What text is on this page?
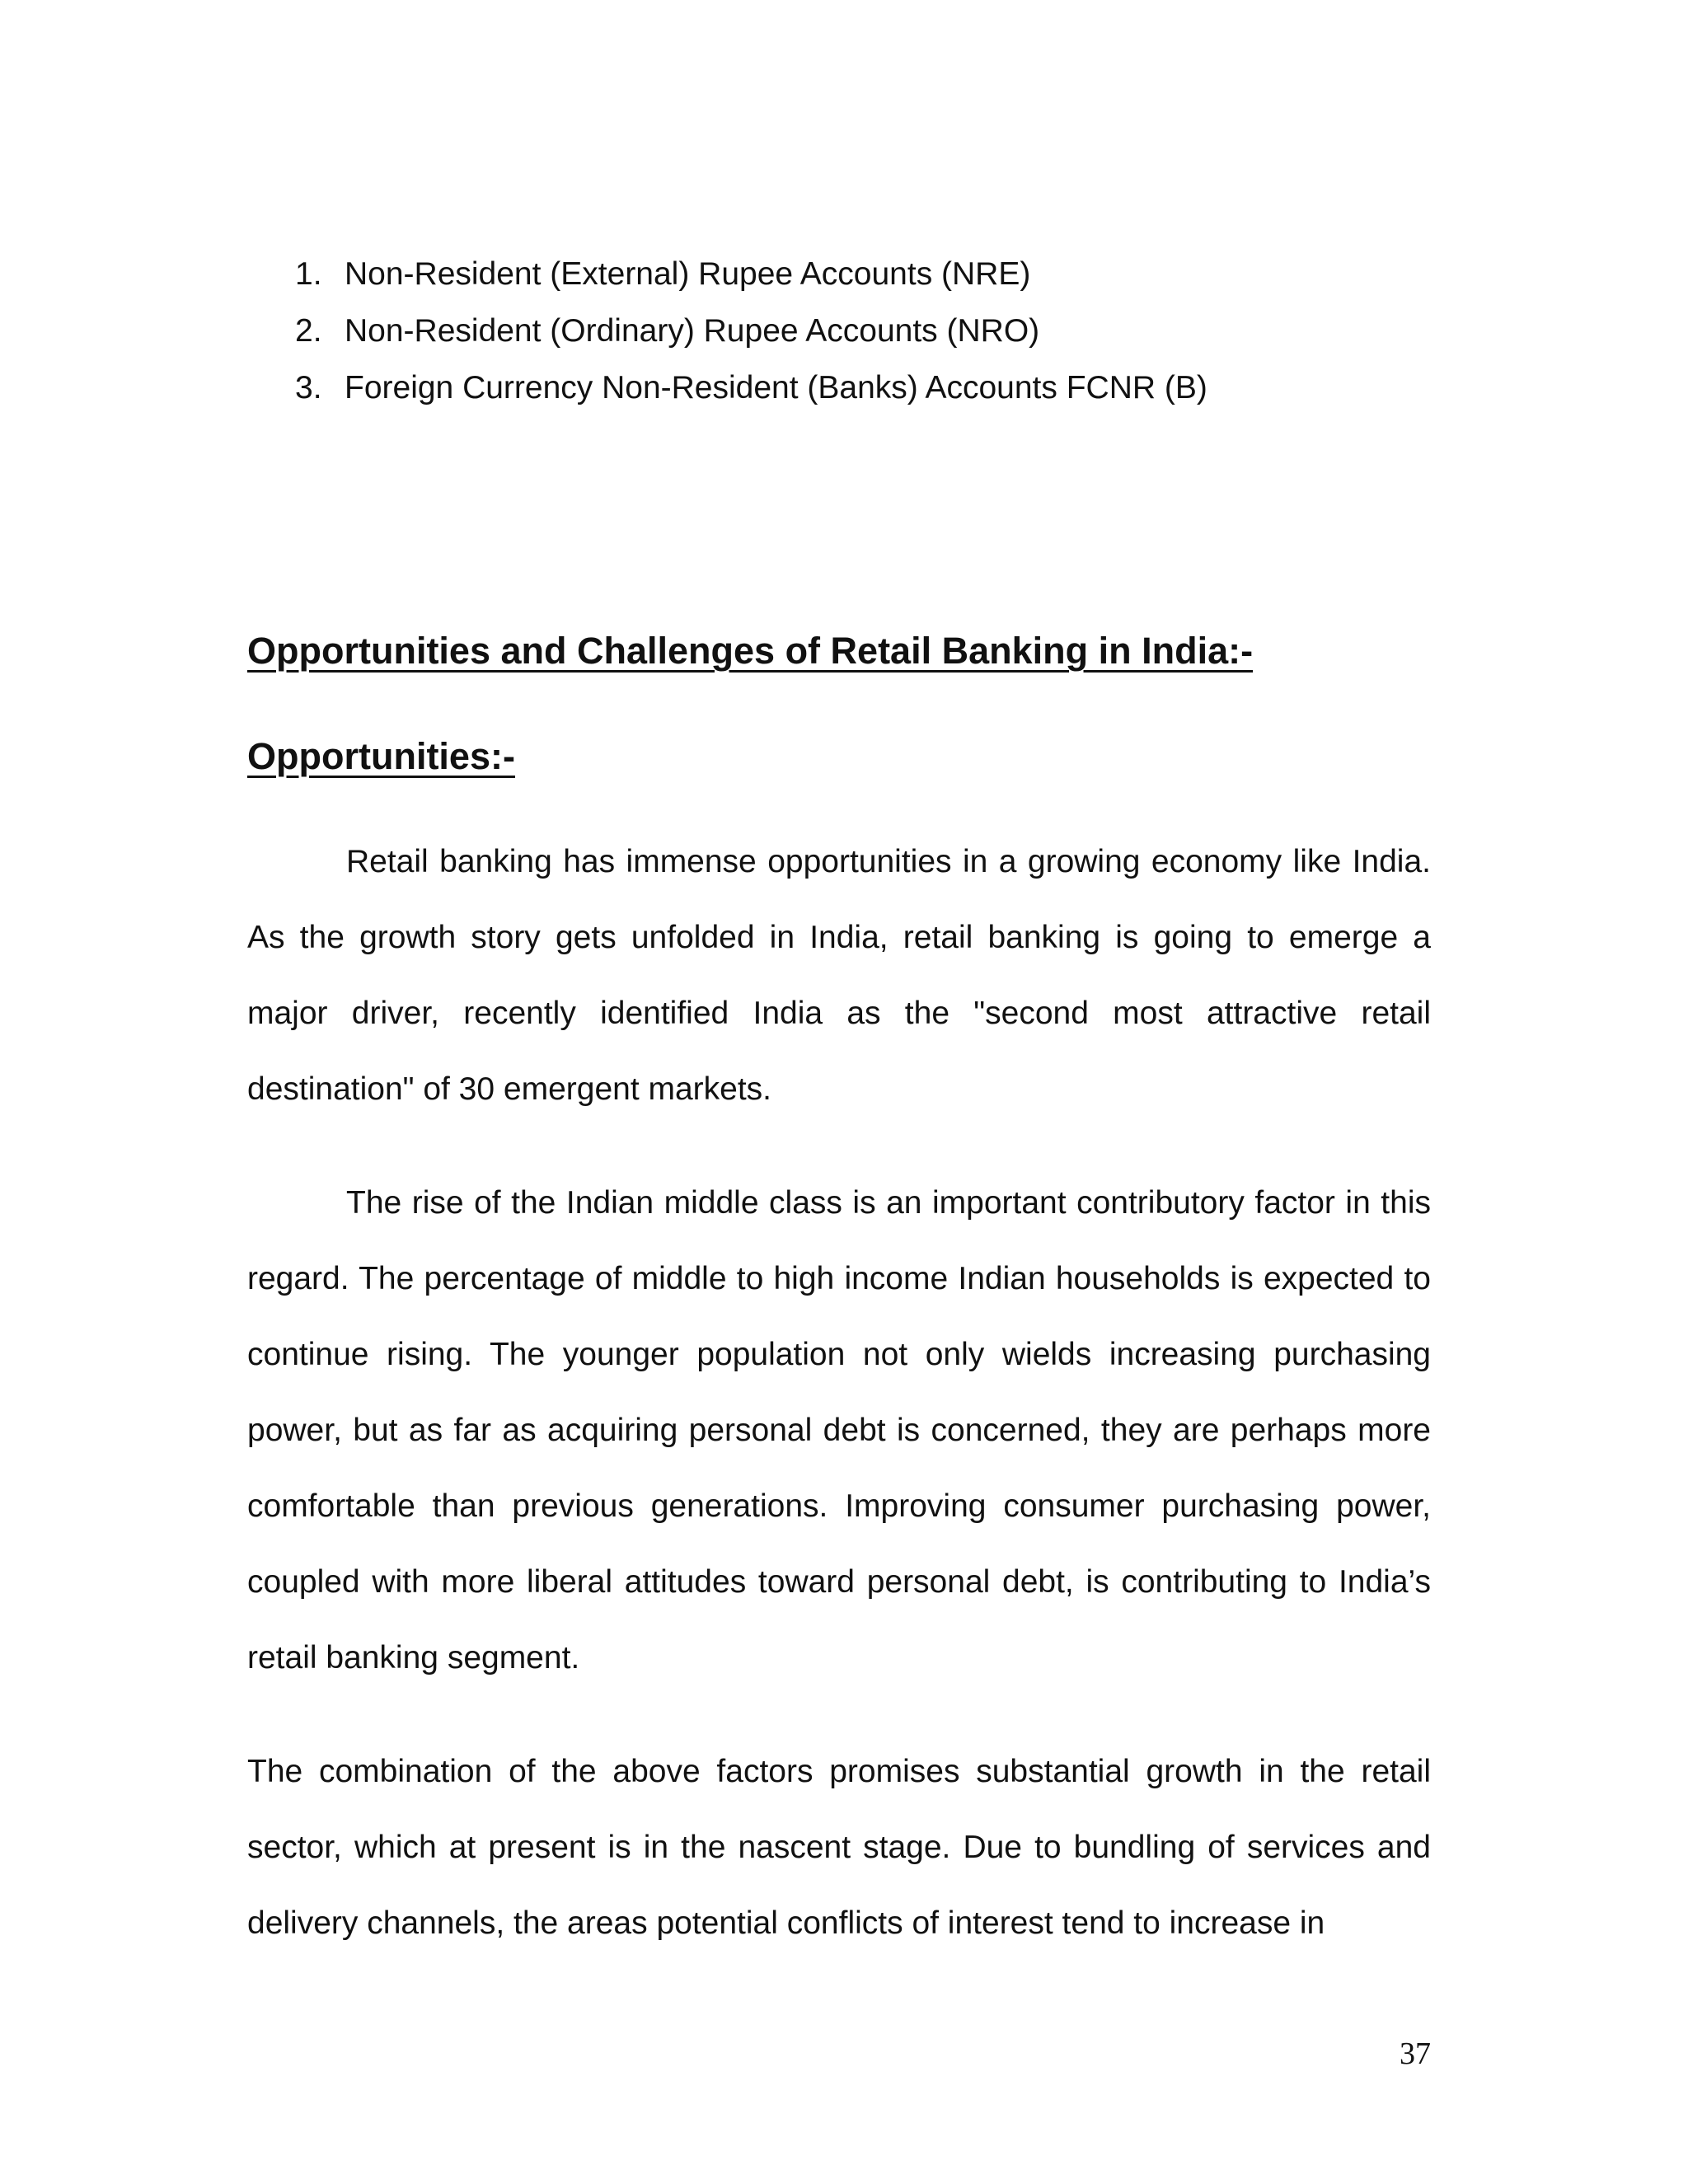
1. Non-Resident (External) Rupee Accounts (NRE)
2. Non-Resident (Ordinary) Rupee Accounts (NRO)
3. Foreign Currency Non-Resident (Banks) Accounts FCNR (B)
Opportunities and Challenges of Retail Banking in India:-
Opportunities:-

Retail banking has immense opportunities in a growing economy like India. As the growth story gets unfolded in India, retail banking is going to emerge a major driver, recently identified India as the "second most attractive retail destination" of 30 emergent markets.

The rise of the Indian middle class is an important contributory factor in this regard. The percentage of middle to high income Indian households is expected to continue rising. The younger population not only wields increasing purchasing power, but as far as acquiring personal debt is concerned, they are perhaps more comfortable than previous generations. Improving consumer purchasing power, coupled with more liberal attitudes toward personal debt, is contributing to India’s retail banking segment.

The combination of the above factors promises substantial growth in the retail sector, which at present is in the nascent stage. Due to bundling of services and delivery channels, the areas potential conflicts of interest tend to increase in

37
